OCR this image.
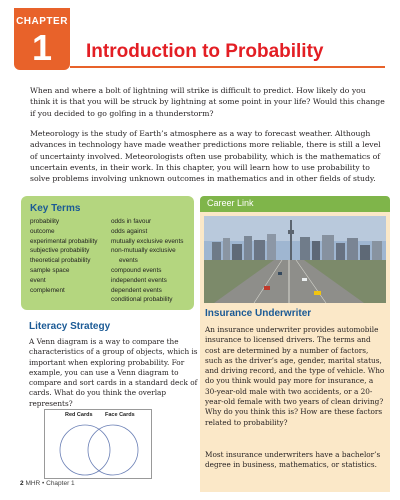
CHAPTER
1	Introduction to Probability

When and where a bolt of lightning will strike is difficult to predict. How likely do you think it is that you will be struck by lightning at some point in your life? Would this change if you decided to go golfing in a thunderstorm?

Meteorology is the study of Earth’s atmosphere as a way to forecast weather. Although advances in technology have made weather predictions more reliable, there is still a level of uncertainty involved. Meteorologists often use probability, which is the mathematics of uncertain events, in their work. In this chapter, you will learn how to use probability to solve problems involving unknown outcomes in mathematics and in other fields of study.

Key Terms
probability
outcome
experimental probability
subjective probability
theoretical probability
sample space
event
complement
odds in favour
odds against
mutually exclusive events
non-mutually exclusive
events
compound events
independent events
dependent events
conditional probability
Literacy Strategy

A Venn diagram is a way to compare the characteristics of a group of objects, which is important when exploring probability. For example, you can use a Venn diagram to compare and sort cards in a standard deck of cards. What do you think the overlap represents?

Red Cards Face Cards
2 MHR • Chapter 1
Career Link
Insurance Underwriter

An insurance underwriter provides automobile insurance to licensed drivers. The terms and cost are determined by a number of factors, such as the driver’s age, gender, marital status, and driving record, and the type of vehicle. Who do you think would pay more for insurance, a 30-year-old male with two accidents, or a 20-year-old female with two years of clean driving? Why do you think this is? How are these factors related to probability?

Most insurance underwriters have a bachelor’s degree in business, mathematics, or statistics.
